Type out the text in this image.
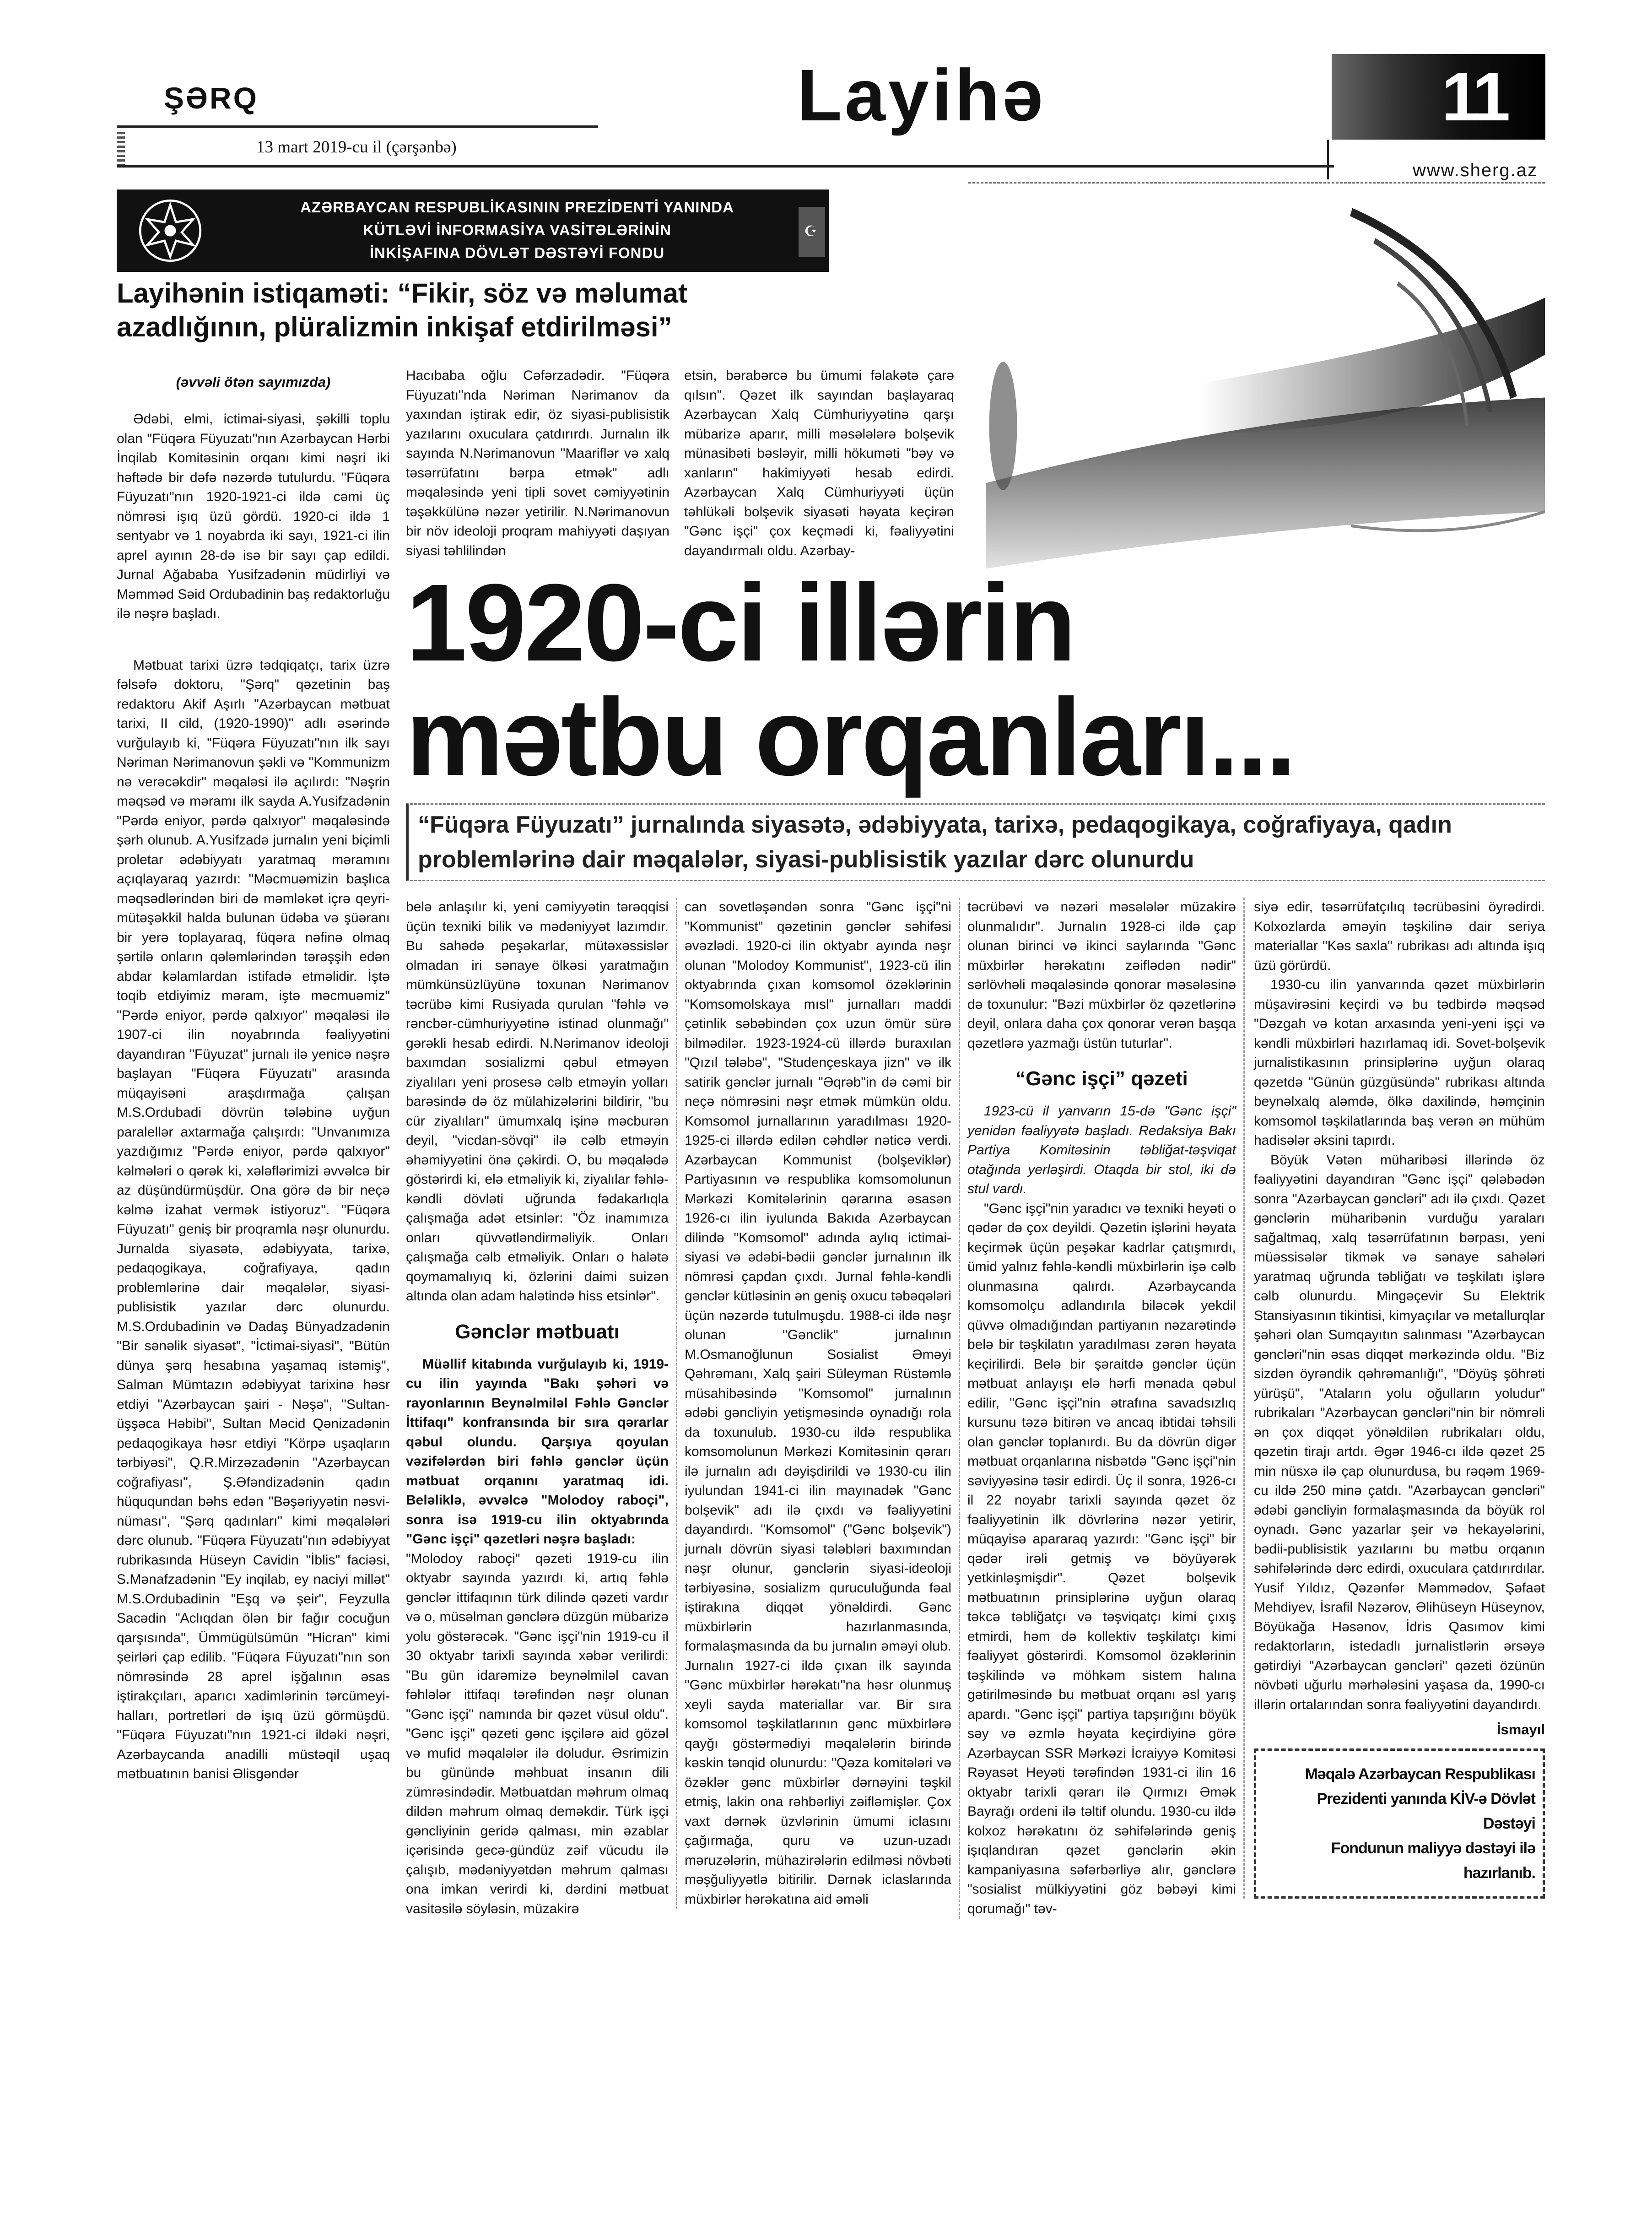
ŞƏRQ
13 mart 2019-cu il (çərşənbə)
Layihə	11
www.sherg.az
AZƏRBAYCAN RESPUBLİKASININ PREZİDENTİ YANINDA
KÜTLƏVİ İNFORMASİYA VASİTƏLƏRİNİN
İNKİŞAFINA DÖVLƏT DƏSTƏYİ FONDU
☪
Layihənin istiqaməti: “Fikir, söz və məlumat azadlığının, plüralizmin inkişaf etdirilməsi”
(əvvəli ötən sayımızda)

Ədəbi, elmi, ictimai-siyasi, şəkilli toplu olan "Füqəra Füyuzatı"nın Azərbaycan Hərbi İnqilab Komitəsinin orqanı kimi nəşri iki həftədə bir dəfə nəzərdə tutulurdu. "Füqəra Füyuzatı"nın 1920-1921-ci ildə cəmi üç nömrəsi işıq üzü gördü. 1920-ci ildə 1 sentyabr və 1 noyabrda iki sayı, 1921-ci ilin aprel ayının 28-də isə bir sayı çap edildi. Jurnal Ağababa Yusifzadənin müdirliyi və Məmməd Səid Ordubadinin baş redaktorluğu ilə nəşrə başladı.

Mətbuat tarixi üzrə tədqiqatçı, tarix üzrə fəlsəfə doktoru, "Şərq" qəzetinin baş redaktoru Akif Aşırlı "Azərbaycan mətbuat tarixi, II cild, (1920-1990)" adlı əsərində vurğulayıb ki, "Füqəra Füyuzatı"nın ilk sayı Nəriman Nərimanovun şəkli və "Kommunizm nə verəcəkdir" məqaləsi ilə açılırdı: "Nəşrin məqsəd və məramı ilk sayda A.Yusifzadənin "Pərdə eniyor, pərdə qalxıyor" məqaləsində şərh olunub. A.Yusifzadə jurnalın yeni biçimli proletar ədəbiyyatı yaratmaq məramını açıqlayaraq yazırdı: "Məcmuəmizin başlıca məqsədlərindən biri də məmləkət içrə qeyri-mütəşəkkil halda bulunan üdəba və şüəranı bir yerə toplayaraq, füqəra nəfinə olmaq şərtilə onların qələmlərindən tərəşşih edən abdar kəlamlardan istifadə etməlidir. İştə toqib etdiyimiz məram, iştə məcmuəmiz" "Pərdə eniyor, pərdə qalxıyor" məqaləsi ilə 1907-ci ilin noyabrında fəaliyyətini dayandıran "Füyuzat" jurnalı ilə yenicə nəşrə başlayan "Füqəra Füyuzatı" arasında müqayisəni araşdırmağa çalışan M.S.Ordubadi dövrün tələbinə uyğun paralellər axtarmağa çalışırdı: "Unvanımıza yazdığımız "Pərdə eniyor, pərdə qalxıyor" kəlmələri o qərək ki, xələflərimizi əvvəlcə bir az düşündürmüşdür. Ona görə də bir neçə kəlmə izahat vermək istiyoruz". "Füqəra Füyuzatı" geniş bir proqramla nəşr olunurdu. Jurnalda siyasətə, ədəbiyyata, tarixə, pedaqogikaya, coğrafiyaya, qadın problemlərinə dair məqalələr, siyasi-publisistik yazılar dərc olunurdu. M.S.Ordubadinin və Dadaş Bünyadzadənin "Bir sənəlik siyasət", "İctimai-siyasi", "Bütün dünya şərq hesabına yaşamaq istəmiş", Salman Mümtazın ədəbiyyat tarixinə həsr etdiyi "Azərbaycan şairi - Nəşə", "Sultan-üşşəca Həbibi", Sultan Məcid Qənizadənin pedaqogikaya həsr etdiyi "Körpə uşaqların tərbiyəsi", Q.R.Mirzəzadənin "Azərbaycan coğrafiyası", Ş.Əfəndizadənin qadın hüququndan bəhs edən "Bəşəriyyətin nəsvi-nüması", "Şərq qadınları" kimi məqalələri dərc olunub. "Füqəra Füyuzatı"nın ədəbiyyat rubrikasında Hüseyn Cavidin "İblis" faciəsi, S.Mənafzadənin "Ey inqilab, ey naciyi millət" M.S.Ordubadinin "Eşq və şeir", Feyzulla Sacədin "Aclıqdan ölən bir fağır cocuğun qarşısında", Ümmügülsümün "Hicran" kimi şeirləri çap edilib. "Füqəra Füyuzatı"nın son nömrəsində 28 aprel işğalının əsas iştirakçıları, aparıcı xadimlərinin tərcümeyi-halları, portretləri də işıq üzü görmüşdü. "Füqəra Füyuzatı"nın 1921-ci ildəki nəşri, Azərbaycanda anadilli müstəqil uşaq mətbuatının banisi Əlisgəndər

Hacıbaba oğlu Cəfərzadədir. "Füqəra Füyuzatı"nda Nəriman Nərimanov da yaxından iştirak edir, öz siyasi-publisistik yazılarını oxuculara çatdırırdı. Jurnalın ilk sayında N.Nərimanovun "Maariflər və xalq təsərrüfatını bərpa etmək" adlı məqaləsində yeni tipli sovet cəmiyyətinin təşəkkülünə nəzər yetirilir. N.Nərimanovun bir növ ideoloji proqram mahiyyəti daşıyan siyasi təhlilindən

etsin, bərabərcə bu ümumi fəlakətə çarə qılsın". Qəzet ilk sayından başlayaraq Azərbaycan Xalq Cümhuriyyətinə qarşı mübarizə aparır, milli məsələlərə bolşevik münasibəti bəsləyir, milli hökuməti "bəy və xanların" hakimiyyəti hesab edirdi. Azərbaycan Xalq Cümhuriyyəti üçün təhlükəli bolşevik siyasəti həyata keçirən "Gənc işçi" çox keçmədi ki, fəaliyyətini dayandırmalı oldu. Azərbay-

1920-ci illərin
mətbu orqanları...
“Füqəra Füyuzatı” jurnalında siyasətə, ədəbiyyata, tarixə, pedaqogikaya, coğrafiyaya, qadın problemlərinə dair məqalələr, siyasi-publisistik yazılar dərc olunurdu

belə anlaşılır ki, yeni cəmiyyətin tərəqqisi üçün texniki bilik və mədəniyyət lazımdır. Bu sahədə peşəkarlar, mütəxəssislər olmadan iri sənaye ölkəsi yaratmağın mümkünsüzlüyünə toxunan Nərimanov təcrübə kimi Rusiyada qurulan "fəhlə və rəncbər-cümhuriyyətinə istinad olunmağı" gərəkli hesab edirdi. N.Nərimanov ideoloji baxımdan sosializmi qəbul etməyən ziyalıları yeni prosesə cəlb etməyin yolları barəsində də öz mülahizələrini bildirir, "bu cür ziyalıları" ümumxalq işinə məcburən deyil, "vicdan-sövqi" ilə cəlb etməyin əhəmiyyətini önə çəkirdi. O, bu məqalədə göstərirdi ki, elə etməliyik ki, ziyalılar fəhlə-kəndli dövləti uğrunda fədakarlıqla çalışmağa adət etsinlər: "Öz inamımıza onları qüvvətləndirməliyik. Onları çalışmağa cəlb etməliyik. Onları o halətə qoymamalıyıq ki, özlərini daimi suizən altında olan adam halətində hiss etsinlər".

Gənclər mətbuatı

Müəllif kitabında vurğulayıb ki, 1919-cu ilin yayında "Bakı şəhəri və rayonlarının Beynəlmiləl Fəhlə Gənclər İttifaqı" konfransında bir sıra qərarlar qəbul olundu. Qarşıya qoyulan vəzifələrdən biri fəhlə gənclər üçün mətbuat orqanını yaratmaq idi. Beləliklə, əvvəlcə "Molodoy raboçi", sonra isə 1919-cu ilin oktyabrında "Gənc işçi" qəzetləri nəşrə başladı:

"Molodoy raboçi" qəzeti 1919-cu ilin oktyabr sayında yazırdı ki, artıq fəhlə gənclər ittifaqının türk dilində qəzeti vardır və o, müsəlman gənclərə düzgün mübarizə yolu göstərəcək. "Gənc işçi"nin 1919-cu il 30 oktyabr tarixli sayında xəbər verilirdi: "Bu gün idarəmizə beynəlmiləl cavan fəhlələr ittifaqı tərəfindən nəşr olunan "Gənc işçi" namında bir qəzet vüsul oldu". "Gənc işçi" qəzeti gənc işçilərə aid gözəl və mufid məqalələr ilə doludur. Əsrimizin bu günündə məhbuat insanın dili zümrəsindədir. Mətbuatdan məhrum olmaq dildən məhrum olmaq deməkdir. Türk işçi gəncliyinin geridə qalması, min əzablar içərisində gecə-gündüz zəif vücudu ilə çalışıb, mədəniyyətdən məhrum qalması ona imkan verirdi ki, dərdini mətbuat vasitəsilə söyləsin, müzakirə

can sovetləşəndən sonra "Gənc işçi"ni "Kommunist" qəzetinin gənclər səhifəsi əvəzlədi. 1920-ci ilin oktyabr ayında nəşr olunan "Molodoy Kommunist", 1923-cü ilin oktyabrında çıxan komsomol özəklərinin "Komsomolskaya mısl" jurnalları maddi çətinlik səbəbindən çox uzun ömür sürə bilmədilər. 1923-1924-cü illərdə buraxılan "Qızıl tələbə", "Studençeskaya jizn" və ilk satirik gənclər jurnalı "Əqrəb"in də cəmi bir neçə nömrəsini nəşr etmək mümkün oldu. Komsomol jurnallarının yaradılması 1920-1925-ci illərdə edilən cəhdlər nəticə verdi. Azərbaycan Kommunist (bolşeviklər) Partiyasının və respublika komsomolunun Mərkəzi Komitələrinin qərarına əsasən 1926-cı ilin iyulunda Bakıda Azərbaycan dilində "Komsomol" adında aylıq ictimai-siyasi və ədəbi-bədii gənclər jurnalının ilk nömrəsi çapdan çıxdı. Jurnal fəhlə-kəndli gənclər kütləsinin ən geniş oxucu təbəqələri üçün nəzərdə tutulmuşdu. 1988-ci ildə nəşr olunan "Gənclik" jurnalının M.Osmanoğlunun Sosialist Əməyi Qəhrəmanı, Xalq şairi Süleyman Rüstəmlə müsahibəsində "Komsomol" jurnalının ədəbi gəncliyin yetişməsində oynadığı rola da toxunulub. 1930-cu ildə respublika komsomolunun Mərkəzi Komitəsinin qərarı ilə jurnalın adı dəyişdirildi və 1930-cu ilin iyulundan 1941-ci ilin mayınadək "Gənc bolşevik" adı ilə çıxdı və fəaliyyətini dayandırdı. "Komsomol" ("Gənc bolşevik") jurnalı dövrün siyasi tələbləri baxımından nəşr olunur, gənclərin siyasi-ideoloji tərbiyəsinə, sosializm quruculuğunda fəal iştirakına diqqət yönəldirdi. Gənc müxbirlərin hazırlanmasında, formalaşmasında da bu jurnalın əməyi olub. Jurnalın 1927-ci ildə çıxan ilk sayında "Gənc müxbirlər hərəkatı"na həsr olunmuş xeyli sayda materiallar var. Bir sıra komsomol təşkilatlarının gənc müxbirlərə qayğı göstərmədiyi məqalələrin birində kəskin tənqid olunurdu: "Qəza komitələri və özəklər gənc müxbirlər dərnəyini təşkil etmiş, lakin ona rəhbərliyi zəifləmişlər. Çox vaxt dərnək üzvlərinin ümumi iclasını çağırmağa, quru və uzun-uzadı məruzələrin, mühazirələrin edilməsi növbəti məşğuliyyətlə bitirilir. Dərnək iclaslarında müxbirlər hərəkatına aid əməli

təcrübəvi və nəzəri məsələlər müzakirə olunmalıdır". Jurnalın 1928-ci ildə çap olunan birinci və ikinci saylarında "Gənc müxbirlər hərəkatını zəiflədən nədir" sərlövhəli məqaləsində qonorar məsələsinə də toxunulur: "Bəzi müxbirlər öz qəzetlərinə deyil, onlara daha çox qonorar verən başqa qəzetlərə yazmağı üstün tuturlar".

“Gənc işçi” qəzeti

1923-cü il yanvarın 15-də "Gənc işçi" yenidən fəaliyyətə başladı. Redaksiya Bakı Partiya Komitəsinin təbliğat-təşviqat otağında yerləşirdi. Otaqda bir stol, iki də stul vardı.

"Gənc işçi"nin yaradıcı və texniki heyəti o qədər də çox deyildi. Qəzetin işlərini həyata keçirmək üçün peşəkar kadrlar çatışmırdı, ümid yalnız fəhlə-kəndli müxbirlərin işə cəlb olunmasına qalırdı. Azərbaycanda komsomolçu adlandırıla biləcək yekdil qüvvə olmadığından partiyanın nəzarətində belə bir təşkilatın yaradılması zərən həyata keçirilirdi. Belə bir şəraitdə gənclər üçün mətbuat anlayışı elə hərfi mənada qəbul edilir, "Gənc işçi"nin ətrafına savadsızlıq kursunu təzə bitirən və ancaq ibtidai təhsili olan gənclər toplanırdı. Bu da dövrün digər mətbuat orqanlarına nisbətdə "Gənc işçi"nin səviyyəsinə təsir edirdi. Üç il sonra, 1926-cı il 22 noyabr tarixli sayında qəzet öz fəaliyyətinin ilk dövrlərinə nəzər yetirir, müqayisə apararaq yazırdı: "Gənc işçi" bir qədər irəli getmiş və böyüyərək yetkinləşmişdir". Qəzet bolşevik mətbuatının prinsiplərinə uyğun olaraq təkcə təbliğatçı və təşviqatçı kimi çıxış etmirdi, həm də kollektiv təşkilatçı kimi fəaliyyət göstərirdi. Komsomol özəklərinin təşkilində və möhkəm sistem halına gətirilməsində bu mətbuat orqanı əsl yarış apardı. "Gənc işçi" partiya tapşırığını böyük səy və əzmlə həyata keçirdiyinə görə Azərbaycan SSR Mərkəzi İcraiyyə Komitəsi Rəyasət Heyəti tərəfindən 1931-ci ilin 16 oktyabr tarixli qərarı ilə Qırmızı Əmək Bayrağı ordeni ilə təltif olundu. 1930-cu ildə kolxoz hərəkatını öz səhifələrində geniş işıqlandıran qəzet gənclərin əkin kampaniyasına səfərbərliyə alır, gənclərə "sosialist mülkiyyətini göz bəbəyi kimi qorumağı" təv-

siyə edir, təsərrüfatçılıq təcrübəsini öyrədirdi. Kolxozlarda əməyin təşkilinə dair seriya materiallar "Kəs saxla" rubrikası adı altında işıq üzü görürdü.

1930-cu ilin yanvarında qəzet müxbirlərin müşavirəsini keçirdi və bu tədbirdə məqsəd "Dəzgah və kotan arxasında yeni-yeni işçi və kəndli müxbirləri hazırlamaq idi. Sovet-bolşevik jurnalistikasının prinsiplərinə uyğun olaraq qəzetdə "Günün güzgüsündə" rubrikası altında beynəlxalq aləmdə, ölkə daxilində, həmçinin komsomol təşkilatlarında baş verən ən mühüm hadisələr əksini tapırdı.

Böyük Vətən müharibəsi illərində öz fəaliyyətini dayandıran "Gənc işçi" qələbədən sonra "Azərbaycan gəncləri" adı ilə çıxdı. Qəzet gənclərin müharibənin vurduğu yaraları sağaltmaq, xalq təsərrüfatının bərpası, yeni müəssisələr tikmək və sənaye sahələri yaratmaq uğrunda təbliğatı və təşkilatı işlərə cəlb olunurdu. Mingəçevir Su Elektrik Stansiyasının tikintisi, kimyaçılar və metallurqlar şəhəri olan Sumqayıtın salınması "Azərbaycan gəncləri"nin əsas diqqət mərkəzində oldu. "Biz sizdən öyrəndik qəhrəmanlığı", "Döyüş şöhrəti yürüşü", "Ataların yolu oğulların yoludur" rubrikaları "Azərbaycan gəncləri"nin bir nömrəli ən çox diqqət yönəldilən rubrikaları oldu, qəzetin tirajı artdı. Əgər 1946-cı ildə qəzet 25 min nüsxə ilə çap olunurdusa, bu rəqəm 1969-cu ildə 250 minə çatdı. "Azərbaycan gəncləri" ədəbi gəncliyin formalaşmasında da böyük rol oynadı. Gənc yazarlar şeir və hekayələrini, bədii-publisistik yazılarını bu mətbu orqanın səhifələrində dərc edirdi, oxuculara çatdırırdılar. Yusif Yıldız, Qəzənfər Məmmədov, Şəfaət Mehdiyev, İsrafil Nəzərov, Əlihüseyn Hüseynov, Böyükağa Həsənov, İdris Qasımov kimi redaktorların, istedadlı jurnalistlərin ərsəyə gətirdiyi "Azərbaycan gəncləri" qəzeti özünün növbəti uğurlu mərhələsini yaşasa da, 1990-cı illərin ortalarından sonra fəaliyyətini dayandırdı.

İsmayıl
Məqalə Azərbaycan Respublikası
Prezidenti yanında KİV-ə Dövlət Dəstəyi
Fondunun maliyyə dəstəyi ilə hazırlanıb.
